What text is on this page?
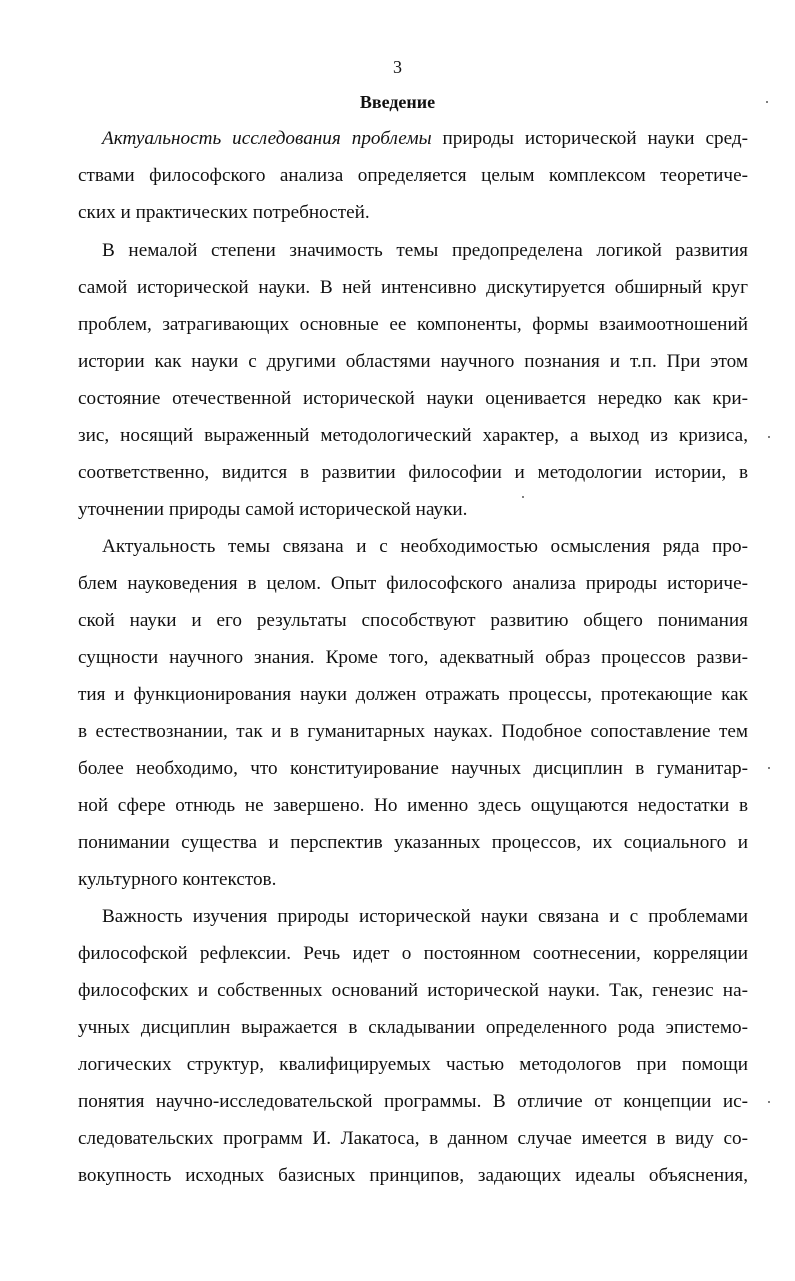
3
Введение
Актуальность исследования проблемы природы исторической науки сред-
ствами философского анализа определяется целым комплексом теоретиче-
ских и практических потребностей.
В немалой степени значимость темы предопределена логикой развития
самой исторической науки. В ней интенсивно дискутируется обширный круг
проблем, затрагивающих основные ее компоненты, формы взаимоотношений
истории как науки с другими областями научного познания и т.п. При этом
состояние отечественной исторической науки оценивается нередко как кри-
зис, носящий выраженный методологический характер, а выход из кризиса,
соответственно, видится в развитии философии и методологии истории, в
уточнении природы самой исторической науки.
Актуальность темы связана и с необходимостью осмысления ряда про-
блем науковедения в целом. Опыт философского анализа природы историче-
ской науки и его результаты способствуют развитию общего понимания
сущности научного знания. Кроме того, адекватный образ процессов разви-
тия и функционирования науки должен отражать процессы, протекающие как
в естествознании, так и в гуманитарных науках. Подобное сопоставление тем
более необходимо, что конституирование научных дисциплин в гуманитар-
ной сфере отнюдь не завершено. Но именно здесь ощущаются недостатки в
понимании существа и перспектив указанных процессов, их социального и
культурного контекстов.
Важность изучения природы исторической науки связана и с проблемами
философской рефлексии. Речь идет о постоянном соотнесении, корреляции
философских и собственных оснований исторической науки. Так, генезис на-
учных дисциплин выражается в складывании определенного рода эпистемо-
логических структур, квалифицируемых частью методологов при помощи
понятия научно-исследовательской программы. В отличие от концепции ис-
следовательских программ И. Лакатоса, в данном случае имеется в виду со-
вокупность исходных базисных принципов, задающих идеалы объяснения,
